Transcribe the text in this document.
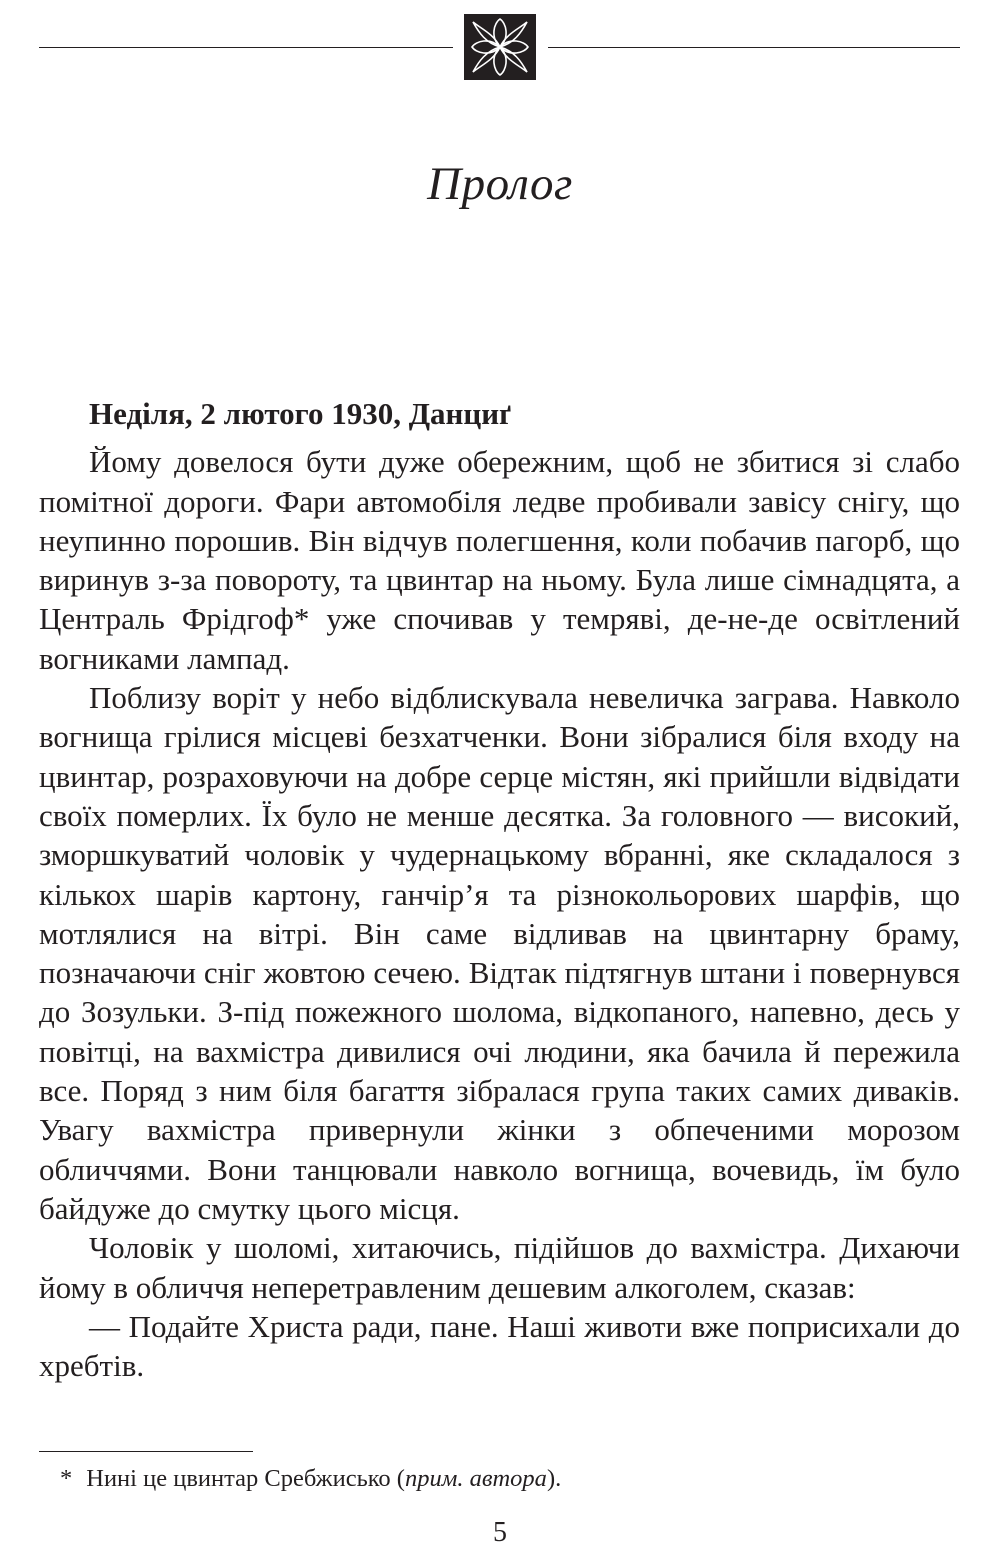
Пролог

Неділя, 2 лютого 1930, Данциґ

Йому довелося бути дуже обережним, щоб не збитися зі слабо помітної дороги. Фари автомобіля ледве пробивали завісу снігу, що неупинно порошив. Він відчув полегшення, коли побачив пагорб, що виринув з-за повороту, та цвинтар на ньому. Була лише сімнадцята, а Централь Фрідгоф* уже спочивав у темряві, де-не-де освітлений вогниками лампад.

Поблизу воріт у небо відблискувала невеличка заграва. Навколо вогнища грілися місцеві безхатченки. Вони зібралися біля входу на цвинтар, розраховуючи на добре серце містян, які прийшли відвідати своїх померлих. Їх було не менше десятка. За головного — високий, зморшкуватий чоловік у чудернацькому вбранні, яке складалося з кількох шарів картону, ганчір’я та різнокольорових шарфів, що мотлялися на вітрі. Він саме відливав на цвинтарну браму, позначаючи сніг жовтою сечею. Відтак підтягнув штани і повернувся до Зозульки. З-під пожежного шолома, відкопаного, напевно, десь у повітці, на вахмістра дивилися очі людини, яка бачила й пережила все. Поряд з ним біля багаття зібралася група таких самих диваків. Увагу вахмістра привернули жінки з обпеченими морозом обличчями. Вони танцювали навколо вогнища, вочевидь, їм було байдуже до смутку цього місця.

Чоловік у шоломі, хитаючись, підійшов до вахмістра. Дихаючи йому в обличчя неперетравленим дешевим алкоголем, сказав:

— Подайте Христа ради, пане. Наші животи вже поприсихали до хребтів.

* Нині це цвинтар Сребжисько (прим. автора).
5
